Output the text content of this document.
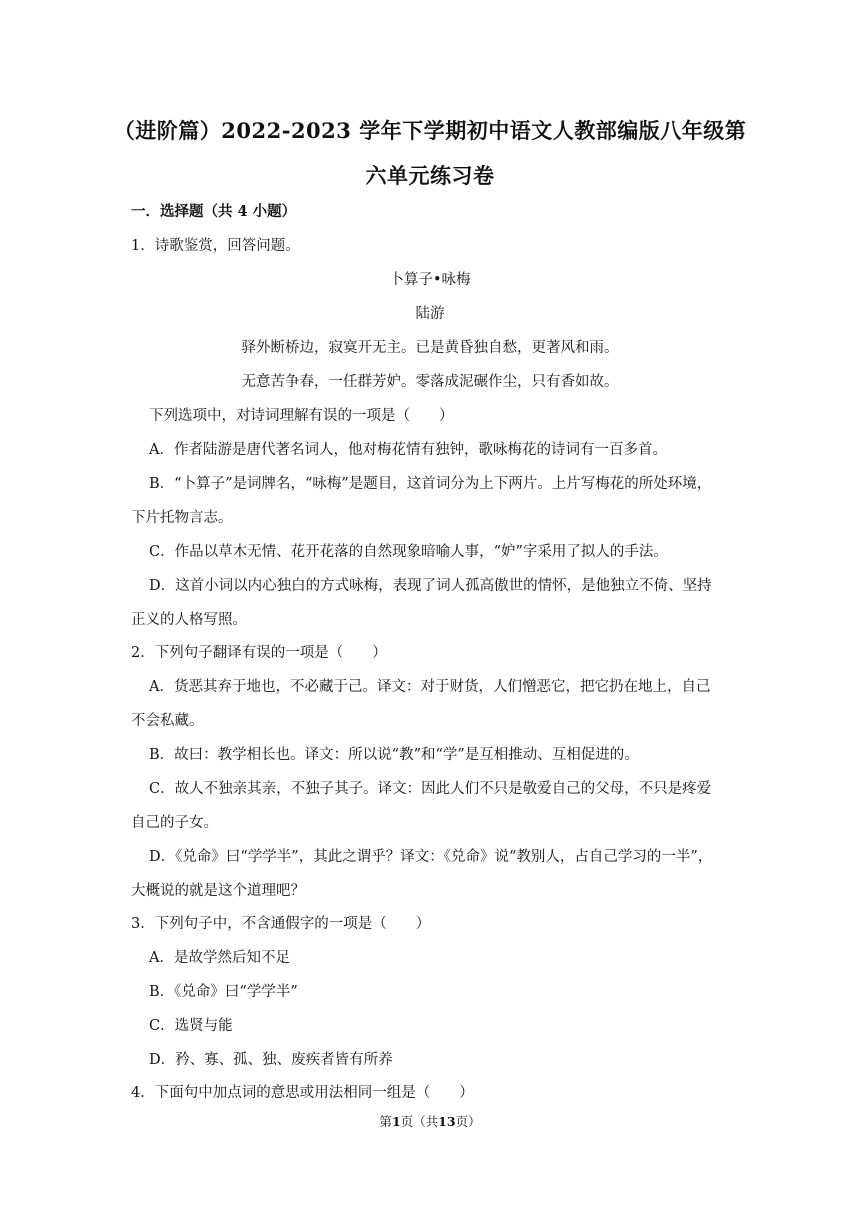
（进阶篇）2022-2023 学年下学期初中语文人教部编版八年级第
六单元练习卷
一．选择题（共 4 小题）
1．诗歌鉴赏，回答问题。
卜算子•咏梅
陆游
驿外断桥边，寂寞开无主。已是黄昏独自愁，更著风和雨。
无意苦争春，一任群芳妒。零落成泥碾作尘，只有香如故。
下列选项中，对诗词理解有误的一项是（　　）
A．作者陆游是唐代著名词人，他对梅花情有独钟，歌咏梅花的诗词有一百多首。
B．“卜算子”是词牌名，“咏梅”是题目，这首词分为上下两片。上片写梅花的所处环境，
下片托物言志。
C．作品以草木无情、花开花落的自然现象暗喻人事，“妒”字采用了拟人的手法。
D．这首小词以内心独白的方式咏梅，表现了词人孤高傲世的情怀，是他独立不倚、坚持
正义的人格写照。
2．下列句子翻译有误的一项是（　　）
A．货恶其弃于地也，不必藏于己。译文：对于财货，人们憎恶它，把它扔在地上，自己
不会私藏。
B．故曰：教学相长也。译文：所以说“教”和“学”是互相推动、互相促进的。
C．故人不独亲其亲，不独子其子。译文：因此人们不只是敬爱自己的父母，不只是疼爱
自己的子女。
D．《兑命》曰“学学半”，其此之谓乎？译文：《兑命》说“教别人，占自己学习的一半”，
大概说的就是这个道理吧？
3．下列句子中，不含通假字的一项是（　　）
A．是故学然后知不足
B．《兑命》曰“学学半”
C．选贤与能
D．矜、寡、孤、独、废疾者皆有所养
4．下面句中加点词的意思或用法相同一组是（　　）
第1页（共13页）
